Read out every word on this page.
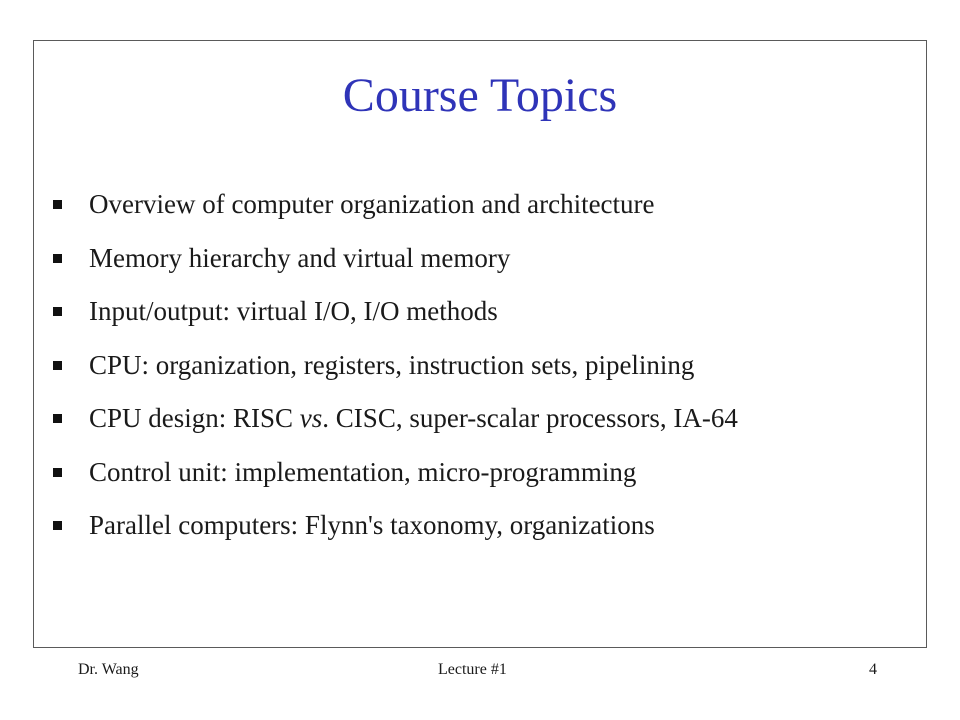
Course Topics
Overview of computer organization and architecture
Memory hierarchy and virtual memory
Input/output: virtual I/O, I/O methods
CPU: organization, registers, instruction sets, pipelining
CPU design: RISC vs. CISC, super-scalar processors, IA-64
Control unit: implementation, micro-programming
Parallel computers: Flynn's taxonomy, organizations
Dr. Wang	Lecture #1	4
